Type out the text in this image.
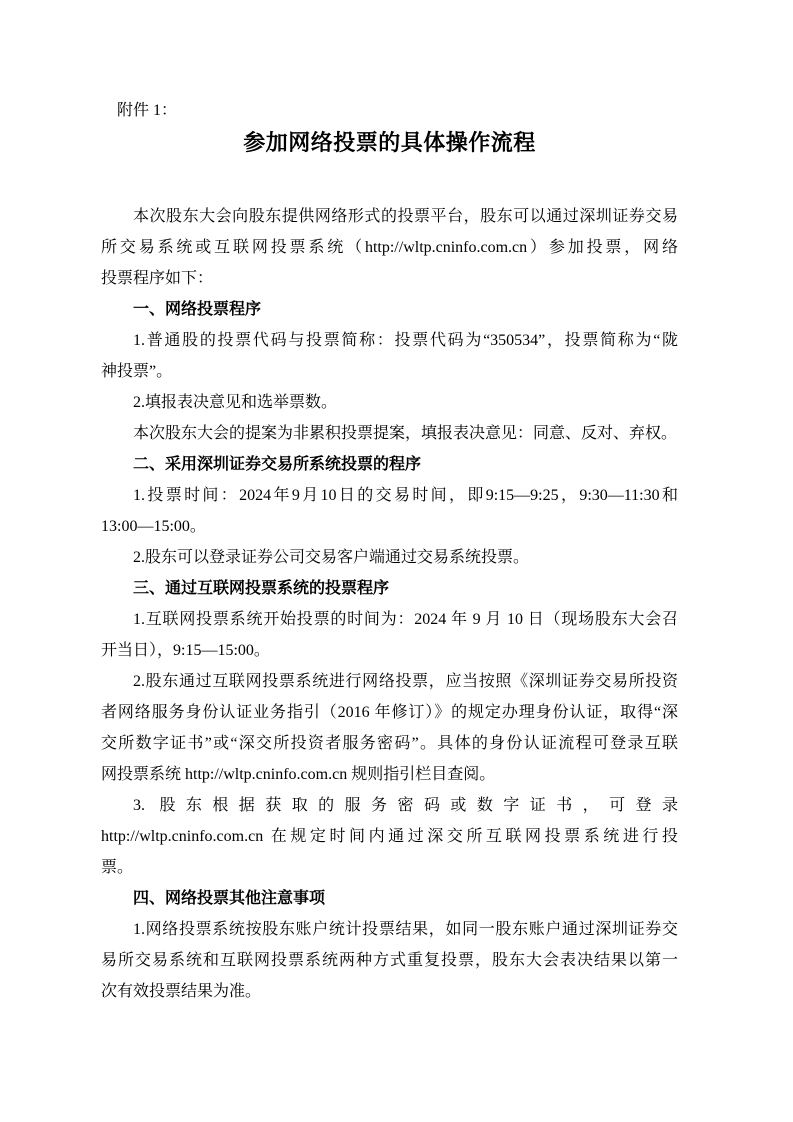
附件 1：
参加网络投票的具体操作流程
本次股东大会向股东提供网络形式的投票平台，股东可以通过深圳证券交易
所交易系统或互联网投票系统（http://wltp.cninfo.com.cn）参加投票，网络
投票程序如下：
一、网络投票程序
1.普通股的投票代码与投票简称：投票代码为“350534”，投票简称为“陇
神投票”。
2.填报表决意见和选举票数。
本次股东大会的提案为非累积投票提案，填报表决意见：同意、反对、弃权。
二、采用深圳证券交易所系统投票的程序
1.投票时间：2024年9月10日的交易时间，即9:15—9:25，9:30—11:30和
13:00—15:00。
2.股东可以登录证券公司交易客户端通过交易系统投票。
三、通过互联网投票系统的投票程序
1.互联网投票系统开始投票的时间为：2024 年 9 月 10 日（现场股东大会召
开当日），9:15—15:00。
2.股东通过互联网投票系统进行网络投票，应当按照《深圳证券交易所投资
者网络服务身份认证业务指引（2016 年修订）》的规定办理身份认证，取得“深
交所数字证书”或“深交所投资者服务密码”。具体的身份认证流程可登录互联
网投票系统 http://wltp.cninfo.com.cn 规则指引栏目查阅。
3. 股东根据获取的服务密码或数字证书，可登录
http://wltp.cninfo.com.cn 在规定时间内通过深交所互联网投票系统进行投
票。
四、网络投票其他注意事项
1.网络投票系统按股东账户统计投票结果，如同一股东账户通过深圳证券交
易所交易系统和互联网投票系统两种方式重复投票，股东大会表决结果以第一
次有效投票结果为准。
